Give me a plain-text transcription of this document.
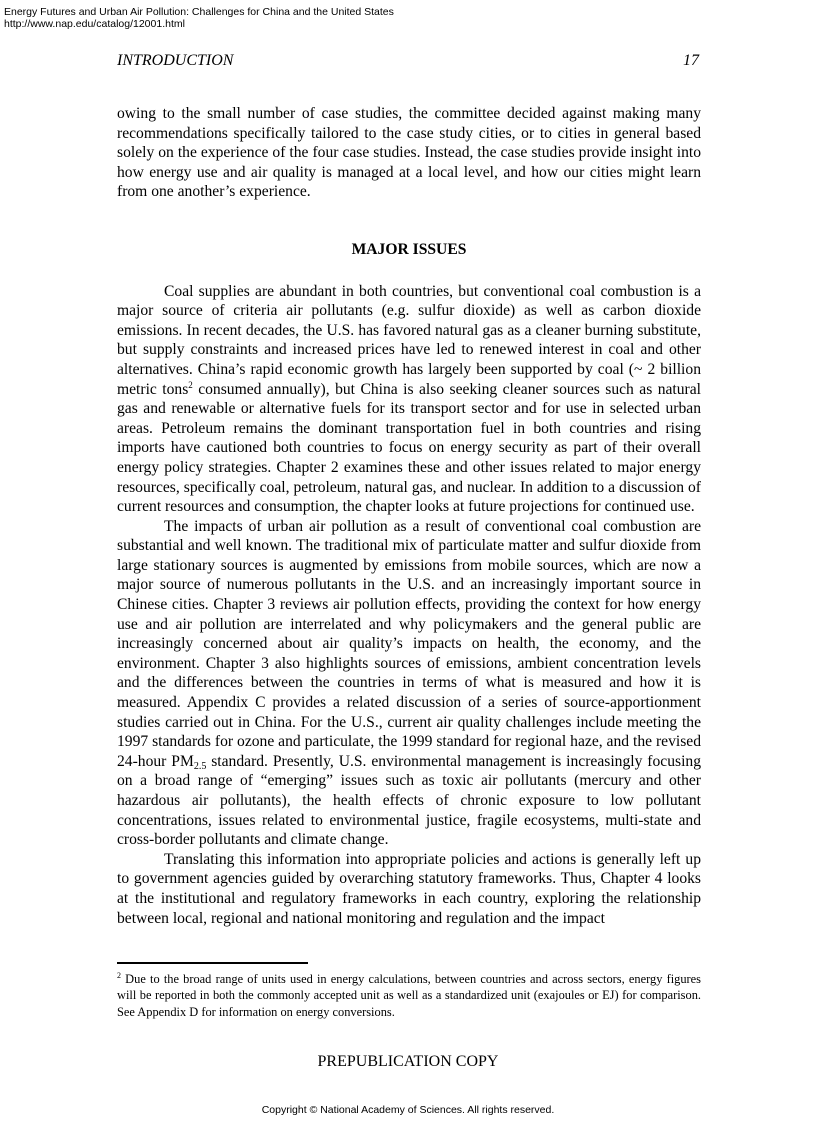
Energy Futures and Urban Air Pollution: Challenges for China and the United States
http://www.nap.edu/catalog/12001.html
INTRODUCTION	17

owing to the small number of case studies, the committee decided against making many recommendations specifically tailored to the case study cities, or to cities in general based solely on the experience of the four case studies. Instead, the case studies provide insight into how energy use and air quality is managed at a local level, and how our cities might learn from one another’s experience.

MAJOR ISSUES

Coal supplies are abundant in both countries, but conventional coal combustion is a major source of criteria air pollutants (e.g. sulfur dioxide) as well as carbon dioxide emissions. In recent decades, the U.S. has favored natural gas as a cleaner burning substitute, but supply constraints and increased prices have led to renewed interest in coal and other alternatives. China’s rapid economic growth has largely been supported by coal (~ 2 billion metric tons$^2$ consumed annually), but China is also seeking cleaner sources such as natural gas and renewable or alternative fuels for its transport sector and for use in selected urban areas. Petroleum remains the dominant transportation fuel in both countries and rising imports have cautioned both countries to focus on energy security as part of their overall energy policy strategies. Chapter 2 examines these and other issues related to major energy resources, specifically coal, petroleum, natural gas, and nuclear. In addition to a discussion of current resources and consumption, the chapter looks at future projections for continued use.

The impacts of urban air pollution as a result of conventional coal combustion are substantial and well known. The traditional mix of particulate matter and sulfur dioxide from large stationary sources is augmented by emissions from mobile sources, which are now a major source of numerous pollutants in the U.S. and an increasingly important source in Chinese cities. Chapter 3 reviews air pollution effects, providing the context for how energy use and air pollution are interrelated and why policymakers and the general public are increasingly concerned about air quality’s impacts on health, the economy, and the environment. Chapter 3 also highlights sources of emissions, ambient concentration levels and the differences between the countries in terms of what is measured and how it is measured. Appendix C provides a related discussion of a series of source-apportionment studies carried out in China. For the U.S., current air quality challenges include meeting the 1997 standards for ozone and particulate, the 1999 standard for regional haze, and the revised 24-hour $PM_{2.5}$ standard. Presently, U.S. environmental management is increasingly focusing on a broad range of “emerging” issues such as toxic air pollutants (mercury and other hazardous air pollutants), the health effects of chronic exposure to low pollutant concentrations, issues related to environmental justice, fragile ecosystems, multi-state and cross-border pollutants and climate change.

Translating this information into appropriate policies and actions is generally left up to government agencies guided by overarching statutory frameworks. Thus, Chapter 4 looks at the institutional and regulatory frameworks in each country, exploring the relationship between local, regional and national monitoring and regulation and the impact

$^2$ Due to the broad range of units used in energy calculations, between countries and across sectors, energy figures will be reported in both the commonly accepted unit as well as a standardized unit (exajoules or EJ) for comparison. See Appendix D for information on energy conversions.
PREPUBLICATION COPY
Copyright © National Academy of Sciences. All rights reserved.
